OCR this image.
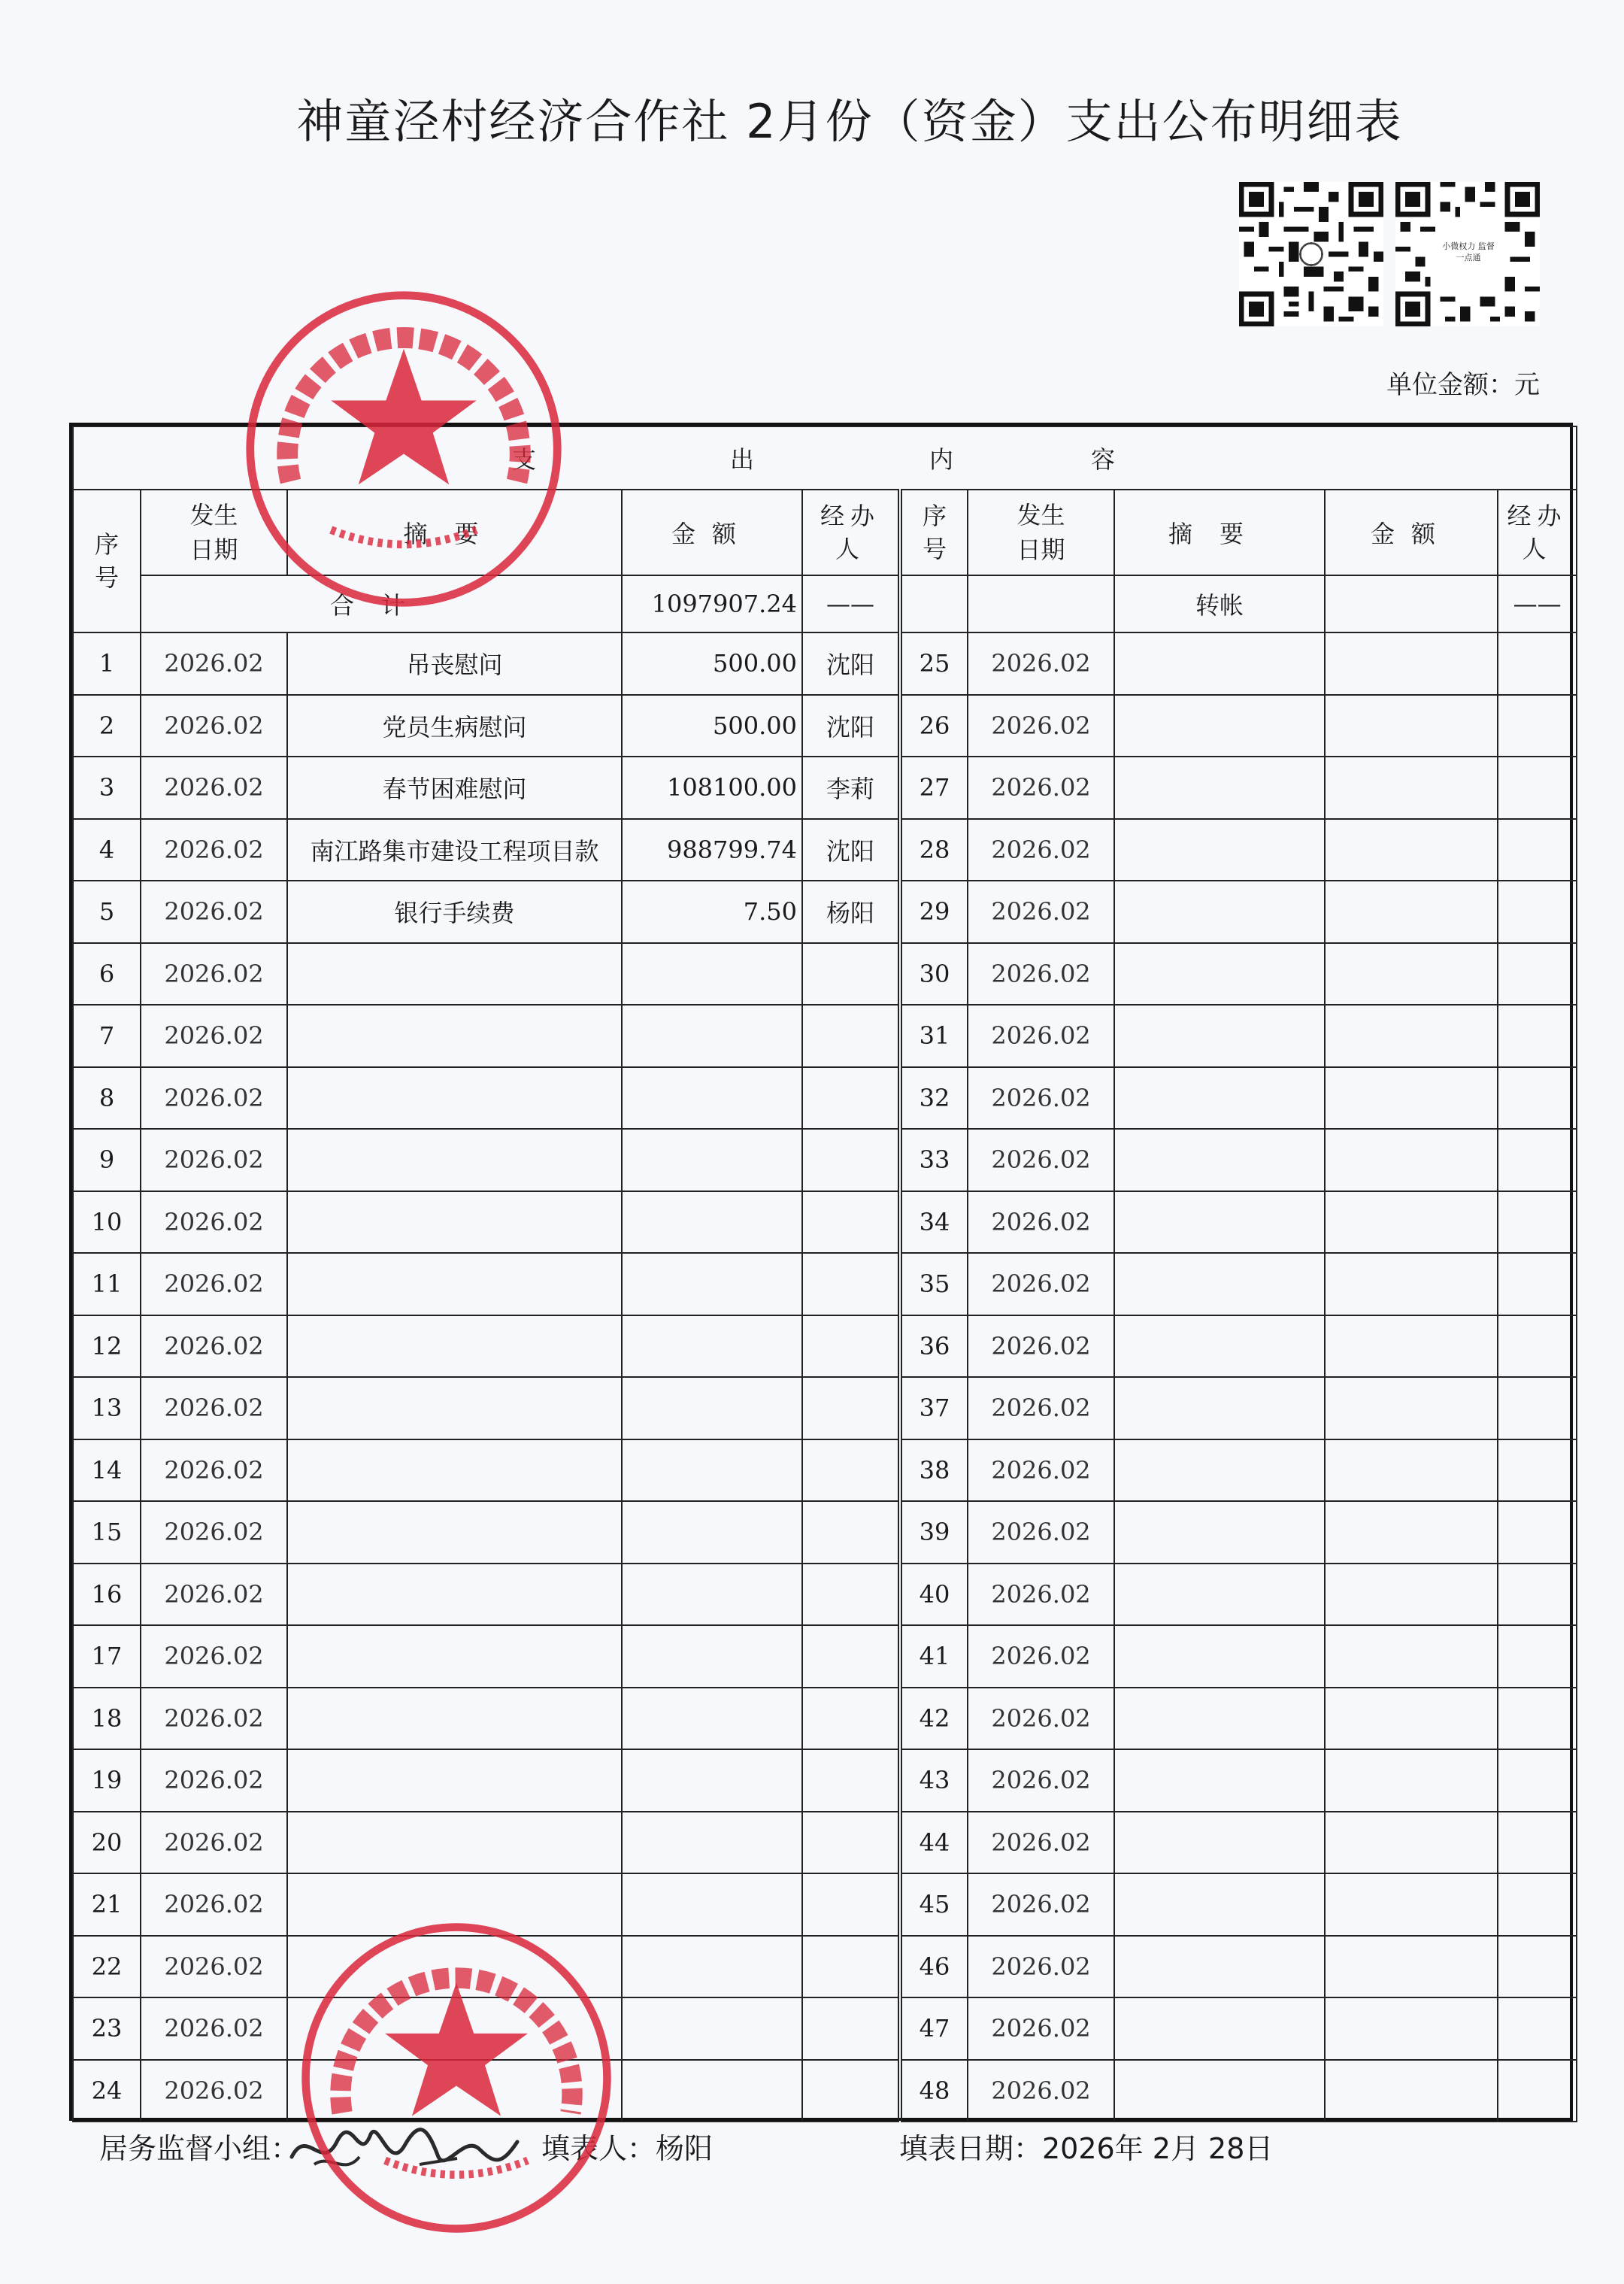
神童泾村经济合作社 2月份（资金）支出公布明细表
小微权力 监督一点通
单位金额：元
支 出 内 容									

序号	发生日期	摘要	金额	经办人	序号	发生日期	摘要	金额	经办人

	合计		1097907.24	——			转帐		——
1	2026.02	吊丧慰问	500.00	沈阳	25	2026.02			
2	2026.02	党员生病慰问	500.00	沈阳	26	2026.02			
3	2026.02	春节困难慰问	108100.00	李莉	27	2026.02			
4	2026.02	南江路集市建设工程项目款	988799.74	沈阳	28	2026.02			
5	2026.02	银行手续费	7.50	杨阳	29	2026.02			
6	2026.02				30	2026.02			
7	2026.02				31	2026.02			
8	2026.02				32	2026.02			
9	2026.02				33	2026.02			
10	2026.02				34	2026.02			
11	2026.02				35	2026.02			
12	2026.02				36	2026.02			
13	2026.02				37	2026.02			
14	2026.02				38	2026.02			
15	2026.02				39	2026.02			
16	2026.02				40	2026.02			
17	2026.02				41	2026.02			
18	2026.02				42	2026.02			
19	2026.02				43	2026.02			
20	2026.02				44	2026.02			
21	2026.02				45	2026.02			
22	2026.02				46	2026.02			
23	2026.02				47	2026.02			
24	2026.02				48	2026.02			
居务监督小组：	填表人：杨阳	填表日期：2026年 2月 28日
